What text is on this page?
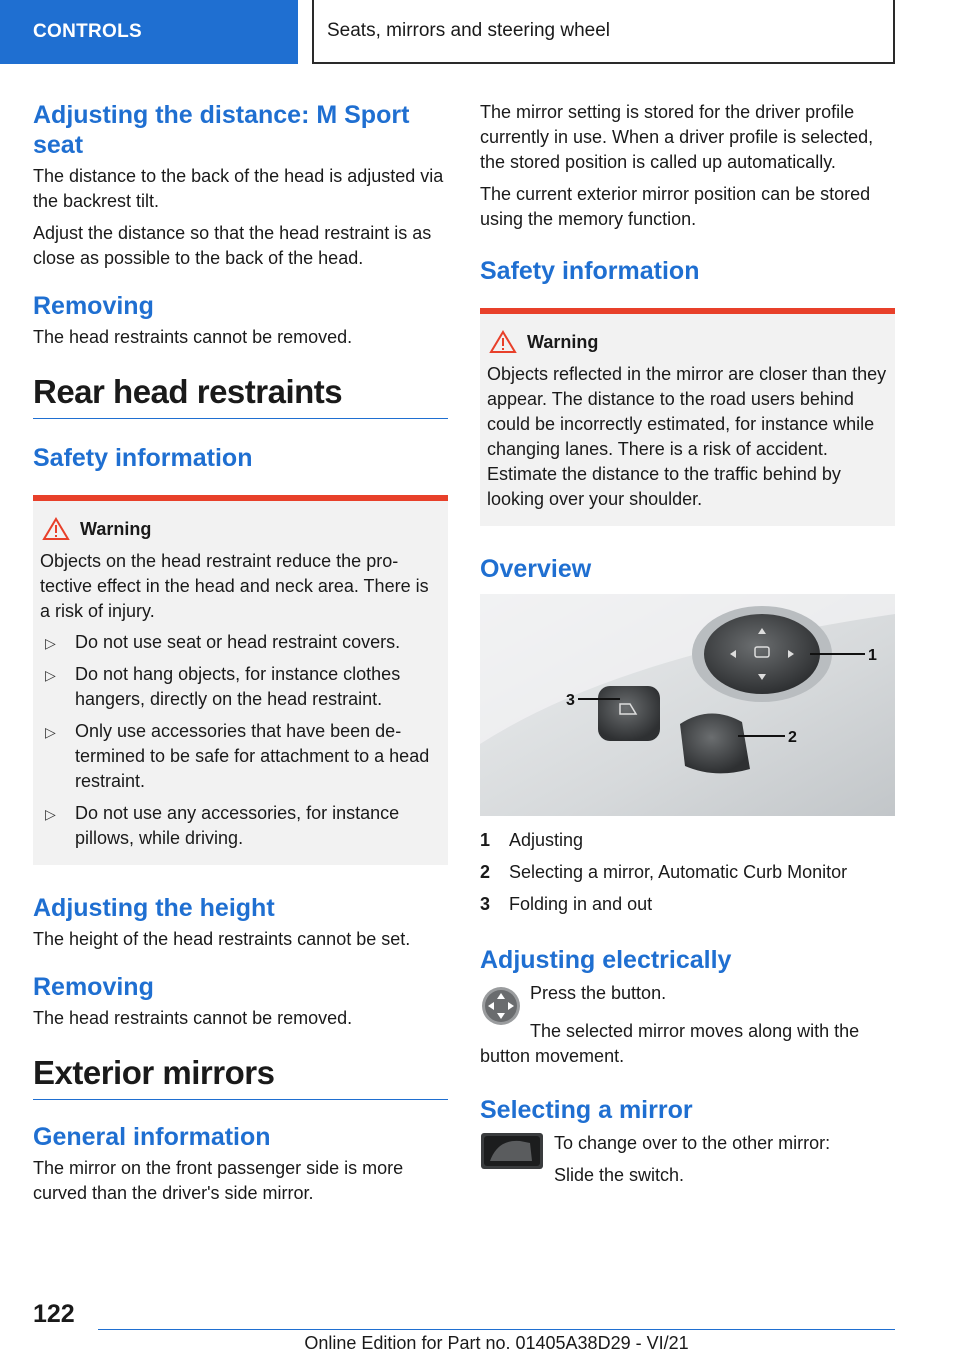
CONTROLS	Seats, mirrors and steering wheel
Adjusting the distance: M Sport seat

The distance to the back of the head is adjusted via the backrest tilt.

Adjust the distance so that the head restraint is as close as possible to the back of the head.

Removing

The head restraints cannot be removed.

Rear head restraints
Safety information
Warning

Objects on the head restraint reduce the protective effect in the head and neck area. There is a risk of injury.

▷ Do not use seat or head restraint covers.
▷ Do not hang objects, for instance clothes hangers, directly on the head restraint.
▷ Only use accessories that have been determined to be safe for attachment to a head restraint.
▷ Do not use any accessories, for instance pillows, while driving.
Adjusting the height

The height of the head restraints cannot be set.

Removing

The head restraints cannot be removed.

Exterior mirrors
General information

The mirror on the front passenger side is more curved than the driver's side mirror.

The mirror setting is stored for the driver profile currently in use. When a driver profile is selected, the stored position is called up automatically.

The current exterior mirror position can be stored using the memory function.

Safety information
Warning

Objects reflected in the mirror are closer than they appear. The distance to the road users behind could be incorrectly estimated, for instance while changing lanes. There is a risk of accident. Estimate the distance to the traffic behind by looking over your shoulder.

Overview
1
2
3
1	Adjusting
2	Selecting a mirror, Automatic Curb Monitor
3	Folding in and out
Adjusting electrically

Press the button.

The selected mirror moves along with the button movement.

Selecting a mirror

To change over to the other mirror:

Slide the switch.

122
Online Edition for Part no. 01405A38D29 - VI/21
